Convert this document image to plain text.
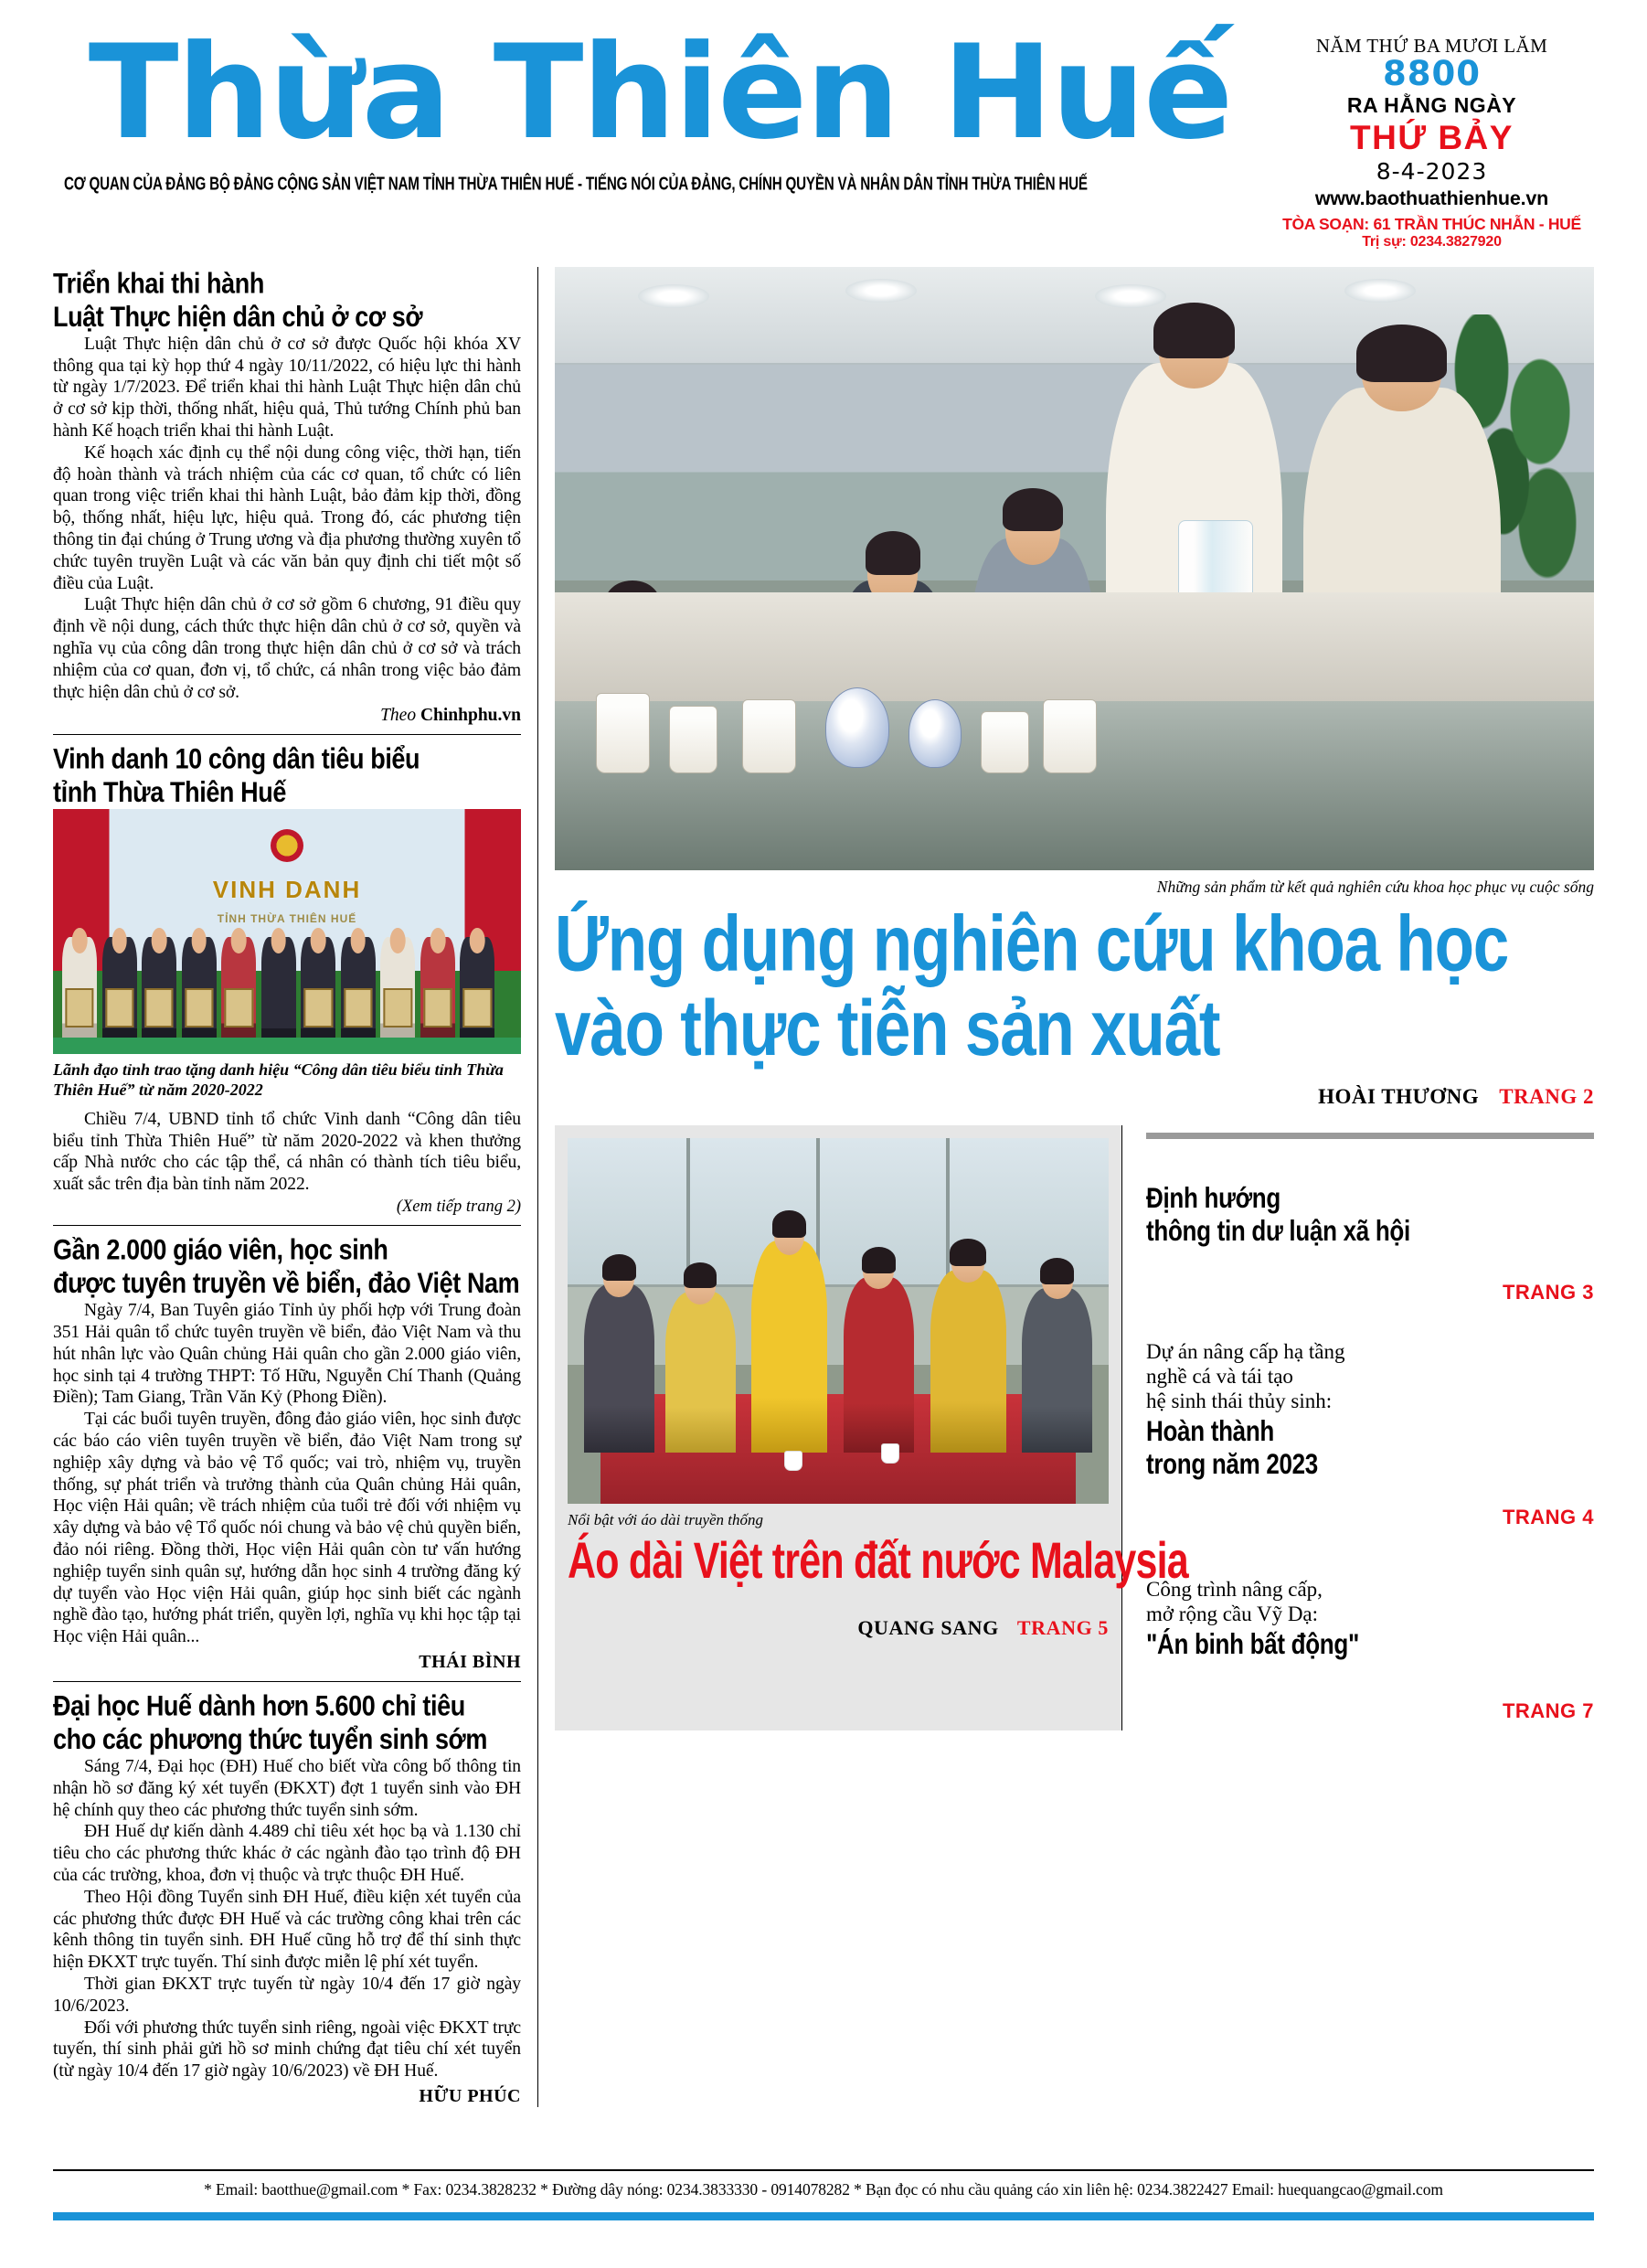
Thừa Thiên Huế
CƠ QUAN CỦA ĐẢNG BỘ ĐẢNG CỘNG SẢN VIỆT NAM TỈNH THỪA THIÊN HUẾ - TIẾNG NÓI CỦA ĐẢNG, CHÍNH QUYỀN VÀ NHÂN DÂN TỈNH THỪA THIÊN HUẾ
NĂM THỨ BA MƯƠI LĂM
8800
RA HẰNG NGÀY
THỨ BẢY
8-4-2023
www.baothuathienhue.vn
TÒA SOẠN: 61 TRẦN THÚC NHẪN - HUẾ
Trị sự: 0234.3827920
Triển khai thi hành
Luật Thực hiện dân chủ ở cơ sở

Luật Thực hiện dân chủ ở cơ sở được Quốc hội khóa XV thông qua tại kỳ họp thứ 4 ngày 10/11/2022, có hiệu lực thi hành từ ngày 1/7/2023. Để triển khai thi hành Luật Thực hiện dân chủ ở cơ sở kịp thời, thống nhất, hiệu quả, Thủ tướng Chính phủ ban hành Kế hoạch triển khai thi hành Luật.

Kế hoạch xác định cụ thể nội dung công việc, thời hạn, tiến độ hoàn thành và trách nhiệm của các cơ quan, tổ chức có liên quan trong việc triển khai thi hành Luật, bảo đảm kịp thời, đồng bộ, thống nhất, hiệu lực, hiệu quả. Trong đó, các phương tiện thông tin đại chúng ở Trung ương và địa phương thường xuyên tổ chức tuyên truyền Luật và các văn bản quy định chi tiết một số điều của Luật.

Luật Thực hiện dân chủ ở cơ sở gồm 6 chương, 91 điều quy định về nội dung, cách thức thực hiện dân chủ ở cơ sở, quyền và nghĩa vụ của công dân trong thực hiện dân chủ ở cơ sở và trách nhiệm của cơ quan, đơn vị, tổ chức, cá nhân trong việc bảo đảm thực hiện dân chủ ở cơ sở.

Theo Chinhphu.vn
Vinh danh 10 công dân tiêu biểu
tỉnh Thừa Thiên Huế
TỈNH THỪA THIÊN HUẾ
VINH DANH
Lãnh đạo tỉnh trao tặng danh hiệu “Công dân tiêu biểu tỉnh Thừa Thiên Huế” từ năm 2020-2022

Chiều 7/4, UBND tỉnh tổ chức Vinh danh “Công dân tiêu biểu tỉnh Thừa Thiên Huế” từ năm 2020-2022 và khen thưởng cấp Nhà nước cho các tập thể, cá nhân có thành tích tiêu biểu, xuất sắc trên địa bàn tỉnh năm 2022.

(Xem tiếp trang 2)
Gần 2.000 giáo viên, học sinh
được tuyên truyền về biển, đảo Việt Nam

Ngày 7/4, Ban Tuyên giáo Tỉnh ủy phối hợp với Trung đoàn 351 Hải quân tổ chức tuyên truyền về biển, đảo Việt Nam và thu hút nhân lực vào Quân chủng Hải quân cho gần 2.000 giáo viên, học sinh tại 4 trường THPT: Tố Hữu, Nguyễn Chí Thanh (Quảng Điền); Tam Giang, Trần Văn Kỷ (Phong Điền).

Tại các buổi tuyên truyền, đông đảo giáo viên, học sinh được các báo cáo viên tuyên truyền về biển, đảo Việt Nam trong sự nghiệp xây dựng và bảo vệ Tổ quốc; vai trò, nhiệm vụ, truyền thống, sự phát triển và trưởng thành của Quân chủng Hải quân, Học viện Hải quân; về trách nhiệm của tuổi trẻ đối với nhiệm vụ xây dựng và bảo vệ Tổ quốc nói chung và bảo vệ chủ quyền biển, đảo nói riêng. Đồng thời, Học viện Hải quân còn tư vấn hướng nghiệp tuyển sinh quân sự, hướng dẫn học sinh 4 trường đăng ký dự tuyển vào Học viện Hải quân, giúp học sinh biết các ngành nghề đào tạo, hướng phát triển, quyền lợi, nghĩa vụ khi học tập tại Học viện Hải quân...

THÁI BÌNH
Đại học Huế dành hơn 5.600 chỉ tiêu
cho các phương thức tuyển sinh sớm

Sáng 7/4, Đại học (ĐH) Huế cho biết vừa công bố thông tin nhận hồ sơ đăng ký xét tuyển (ĐKXT) đợt 1 tuyển sinh vào ĐH hệ chính quy theo các phương thức tuyển sinh sớm.

ĐH Huế dự kiến dành 4.489 chỉ tiêu xét học bạ và 1.130 chỉ tiêu cho các phương thức khác ở các ngành đào tạo trình độ ĐH của các trường, khoa, đơn vị thuộc và trực thuộc ĐH Huế.

Theo Hội đồng Tuyển sinh ĐH Huế, điều kiện xét tuyển của các phương thức được ĐH Huế và các trường công khai trên các kênh thông tin tuyển sinh. ĐH Huế cũng hỗ trợ để thí sinh thực hiện ĐKXT trực tuyến. Thí sinh được miễn lệ phí xét tuyển.

Thời gian ĐKXT trực tuyến từ ngày 10/4 đến 17 giờ ngày 10/6/2023.

Đối với phương thức tuyển sinh riêng, ngoài việc ĐKXT trực tuyến, thí sinh phải gửi hồ sơ minh chứng đạt tiêu chí xét tuyển (từ ngày 10/4 đến 17 giờ ngày 10/6/2023) về ĐH Huế.

HỮU PHÚC
Những sản phẩm từ kết quả nghiên cứu khoa học phục vụ cuộc sống
Ứng dụng nghiên cứu khoa học
vào thực tiễn sản xuất
HOÀI THƯƠNG TRANG 2
Nổi bật với áo dài truyền thống
Áo dài Việt trên đất nước Malaysia
QUANG SANG TRANG 5
Định hướng
thông tin dư luận xã hội
TRANG 3
Dự án nâng cấp hạ tầng
nghề cá và tái tạo
hệ sinh thái thủy sinh:
Hoàn thành
trong năm 2023
TRANG 4
Công trình nâng cấp,
mở rộng cầu Vỹ Dạ:
"Án binh bất động"
TRANG 7
* Email: baotthue@gmail.com * Fax: 0234.3828232 * Đường dây nóng: 0234.3833330 - 0914078282 * Bạn đọc có nhu cầu quảng cáo xin liên hệ: 0234.3822427 Email: huequangcao@gmail.com
